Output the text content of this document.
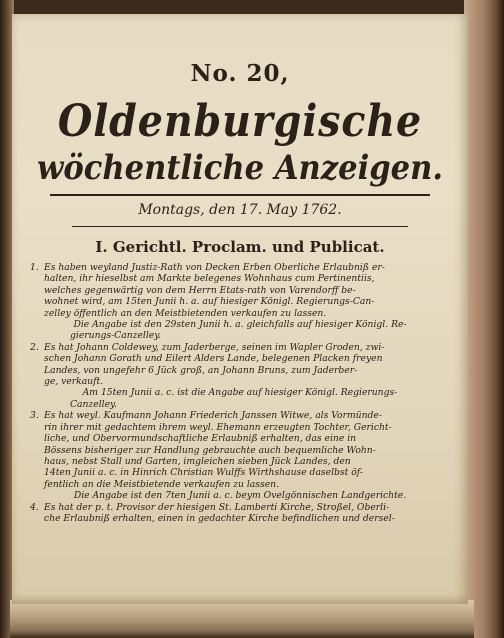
No. 20,
Oldenburgische
wöchentliche Anzeigen.
Montags, den 17. May 1762.
I. Gerichtl. Proclam. und Publicat.
1. Es haben weyland Justiz-Rath von Decken Erben Oberliche Erlaubniß er-

halten, ihr hieselbst am Markte belegenes Wohnhaus cum Pertinentiis,

welches gegenwärtig von dem Herrn Etats-rath von Varendorff be-

wohnet wird, am 15ten Junii h. a. auf hiesiger Königl. Regierungs-Can-

zelley öffentlich an den Meistbietenden verkaufen zu lassen.

Die Angabe ist den 29sten Junii h. a. gleichfalls auf hiesiger Königl. Re-

gierungs-Canzelley.

2. Es hat Johann Coldewey, zum Jaderberge, seinen im Wapler Groden, zwi-

schen Johann Gorath und Eilert Alders Lande, belegenen Placken freyen

Landes, von ungefehr 6 Jück groß, an Johann Bruns, zum Jaderber-

ge, verkauft.

Am 15ten Junii a. c. ist die Angabe auf hiesiger Königl. Regierungs-

Canzelley.

3. Es hat weyl. Kaufmann Johann Friederich Janssen Witwe, als Vormünde-

rin ihrer mit gedachtem ihrem weyl. Ehemann erzeugten Tochter, Gericht-

liche, und Obervormundschaftliche Erlaubniß erhalten, das eine in

Bössens bisheriger zur Handlung gebrauchte auch bequemliche Wohn-

haus, nebst Stall und Garten, imgleichen sieben Jück Landes, den

14ten Junii a. c. in Hinrich Christian Wulffs Wirthshause daselbst öf-

fentlich an die Meistbietende verkaufen zu lassen.

Die Angabe ist den 7ten Junii a. c. beym Ovelgönnischen Landgerichte.

4. Es hat der p. t. Provisor der hiesigen St. Lamberti Kirche, Stroßel, Oberli-

che Erlaubniß erhalten, einen in gedachter Kirche befindlichen und dersel-
